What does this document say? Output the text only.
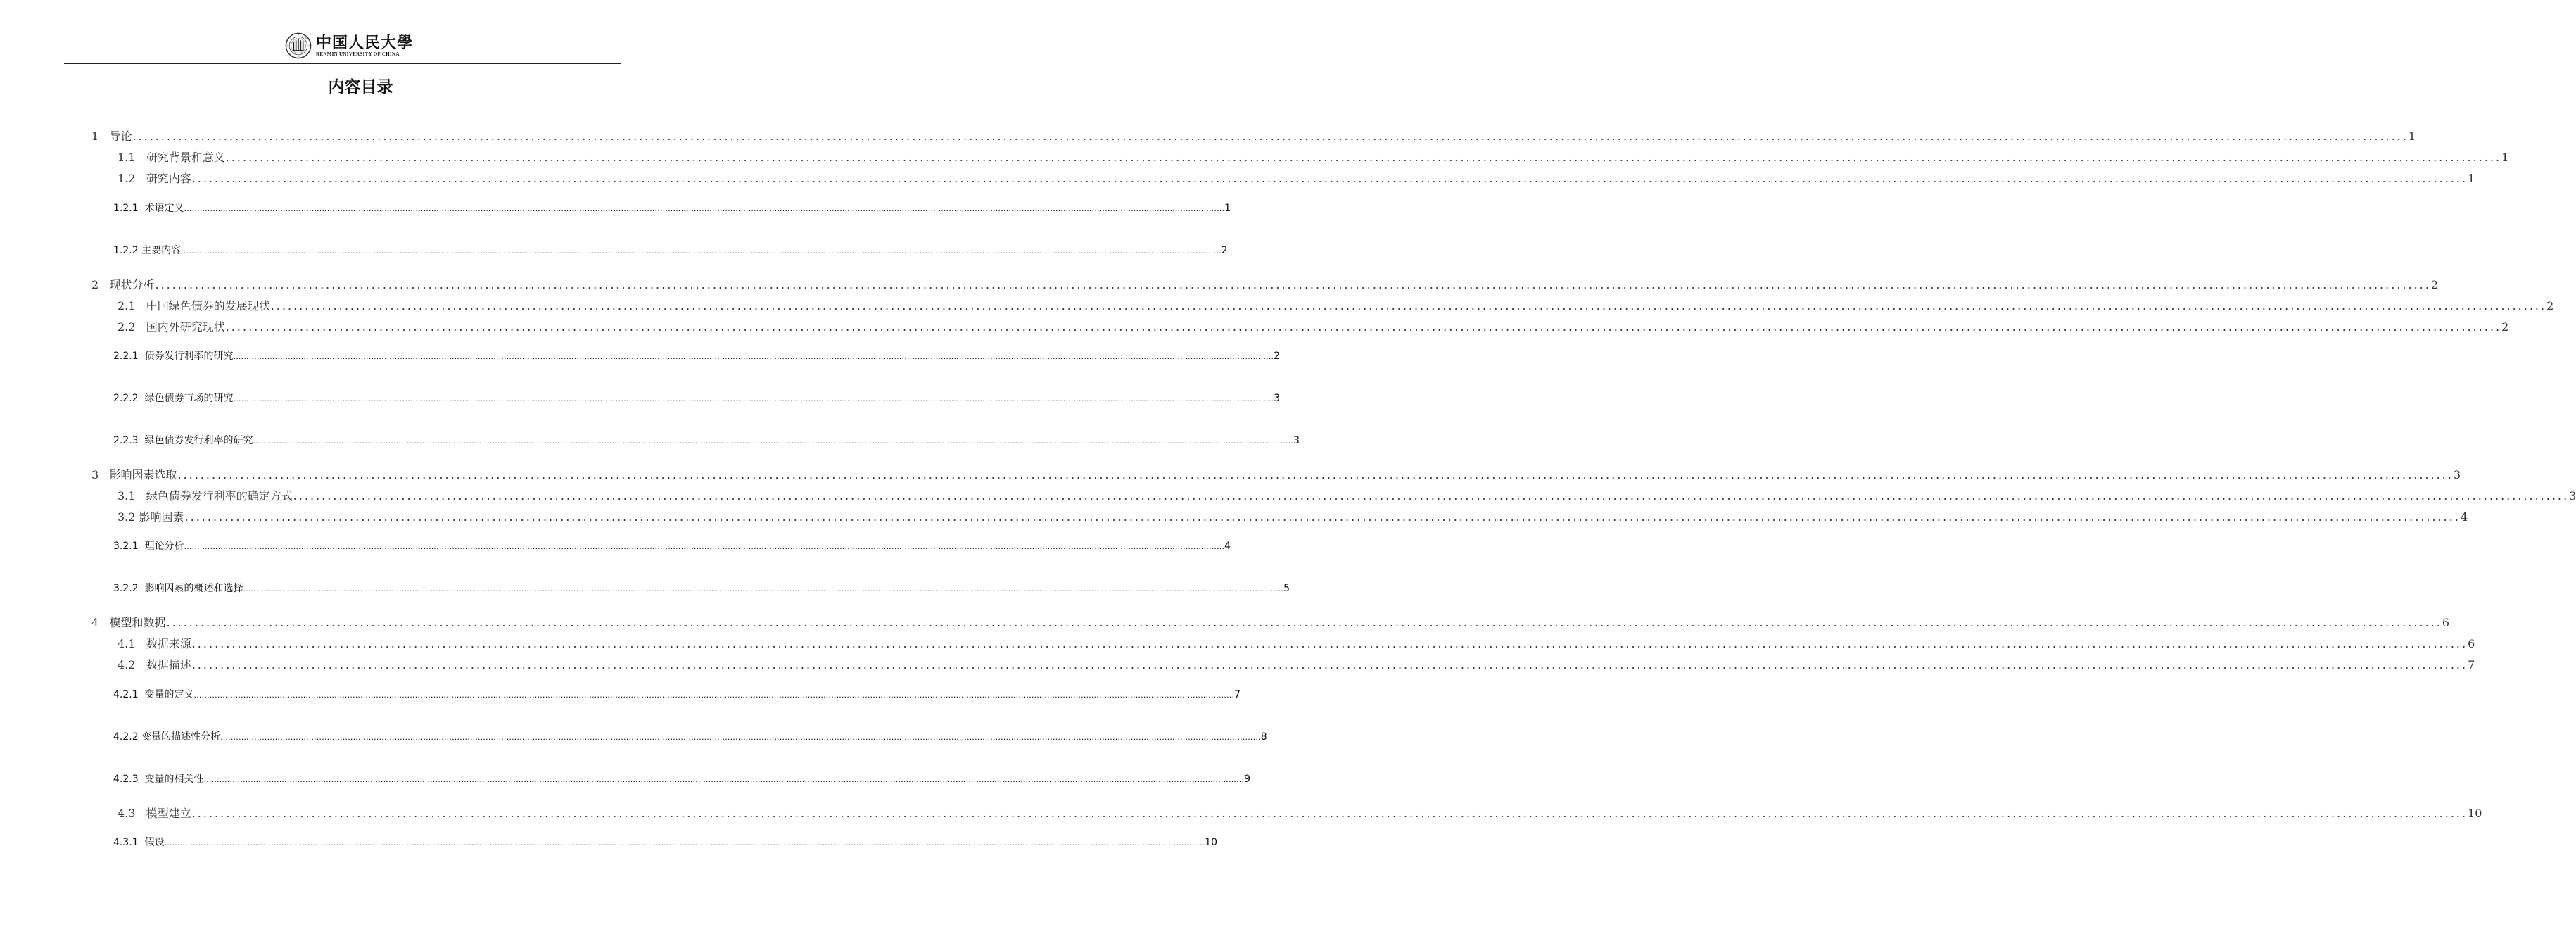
中国人民大學
RENMIN UNIVERSITY OF CHINA
内容目录
1   导论 ................................................................................................................................................................................................................................................................................................................................................................................................................ 1
1.1   研究背景和意义 ................................................................................................................................................................................................................................................................................................................................................................................................................ 1
1.2   研究内容 ................................................................................................................................................................................................................................................................................................................................................................................................................ 1
1.2.1  术语定义 ................................................................................................................................................................................................................................................................................................................................................................................................................ 1
1.2.2 主要内容 ................................................................................................................................................................................................................................................................................................................................................................................................................ 2
2   现状分析 ................................................................................................................................................................................................................................................................................................................................................................................................................ 2
2.1   中国绿色债券的发展现状 ................................................................................................................................................................................................................................................................................................................................................................................................................ 2
2.2   国内外研究现状 ................................................................................................................................................................................................................................................................................................................................................................................................................ 2
2.2.1  债券发行利率的研究 ................................................................................................................................................................................................................................................................................................................................................................................................................ 2
2.2.2  绿色债券市场的研究 ................................................................................................................................................................................................................................................................................................................................................................................................................ 3
2.2.3  绿色债券发行利率的研究 ................................................................................................................................................................................................................................................................................................................................................................................................................ 3
3   影响因素选取 ................................................................................................................................................................................................................................................................................................................................................................................................................ 3
3.1   绿色债券发行利率的确定方式 ................................................................................................................................................................................................................................................................................................................................................................................................................ 3
3.2 影响因素 ................................................................................................................................................................................................................................................................................................................................................................................................................ 4
3.2.1  理论分析 ................................................................................................................................................................................................................................................................................................................................................................................................................ 4
3.2.2  影响因素的概述和选择 ................................................................................................................................................................................................................................................................................................................................................................................................................ 5
4   模型和数据 ................................................................................................................................................................................................................................................................................................................................................................................................................ 6
4.1   数据来源 ................................................................................................................................................................................................................................................................................................................................................................................................................ 6
4.2   数据描述 ................................................................................................................................................................................................................................................................................................................................................................................................................ 7
4.2.1  变量的定义 ................................................................................................................................................................................................................................................................................................................................................................................................................ 7
4.2.2 变量的描述性分析 ................................................................................................................................................................................................................................................................................................................................................................................................................ 8
4.2.3  变量的相关性 ................................................................................................................................................................................................................................................................................................................................................................................................................ 9
4.3   模型建立 ................................................................................................................................................................................................................................................................................................................................................................................................................ 10
4.3.1  假设 ................................................................................................................................................................................................................................................................................................................................................................................................................ 10
